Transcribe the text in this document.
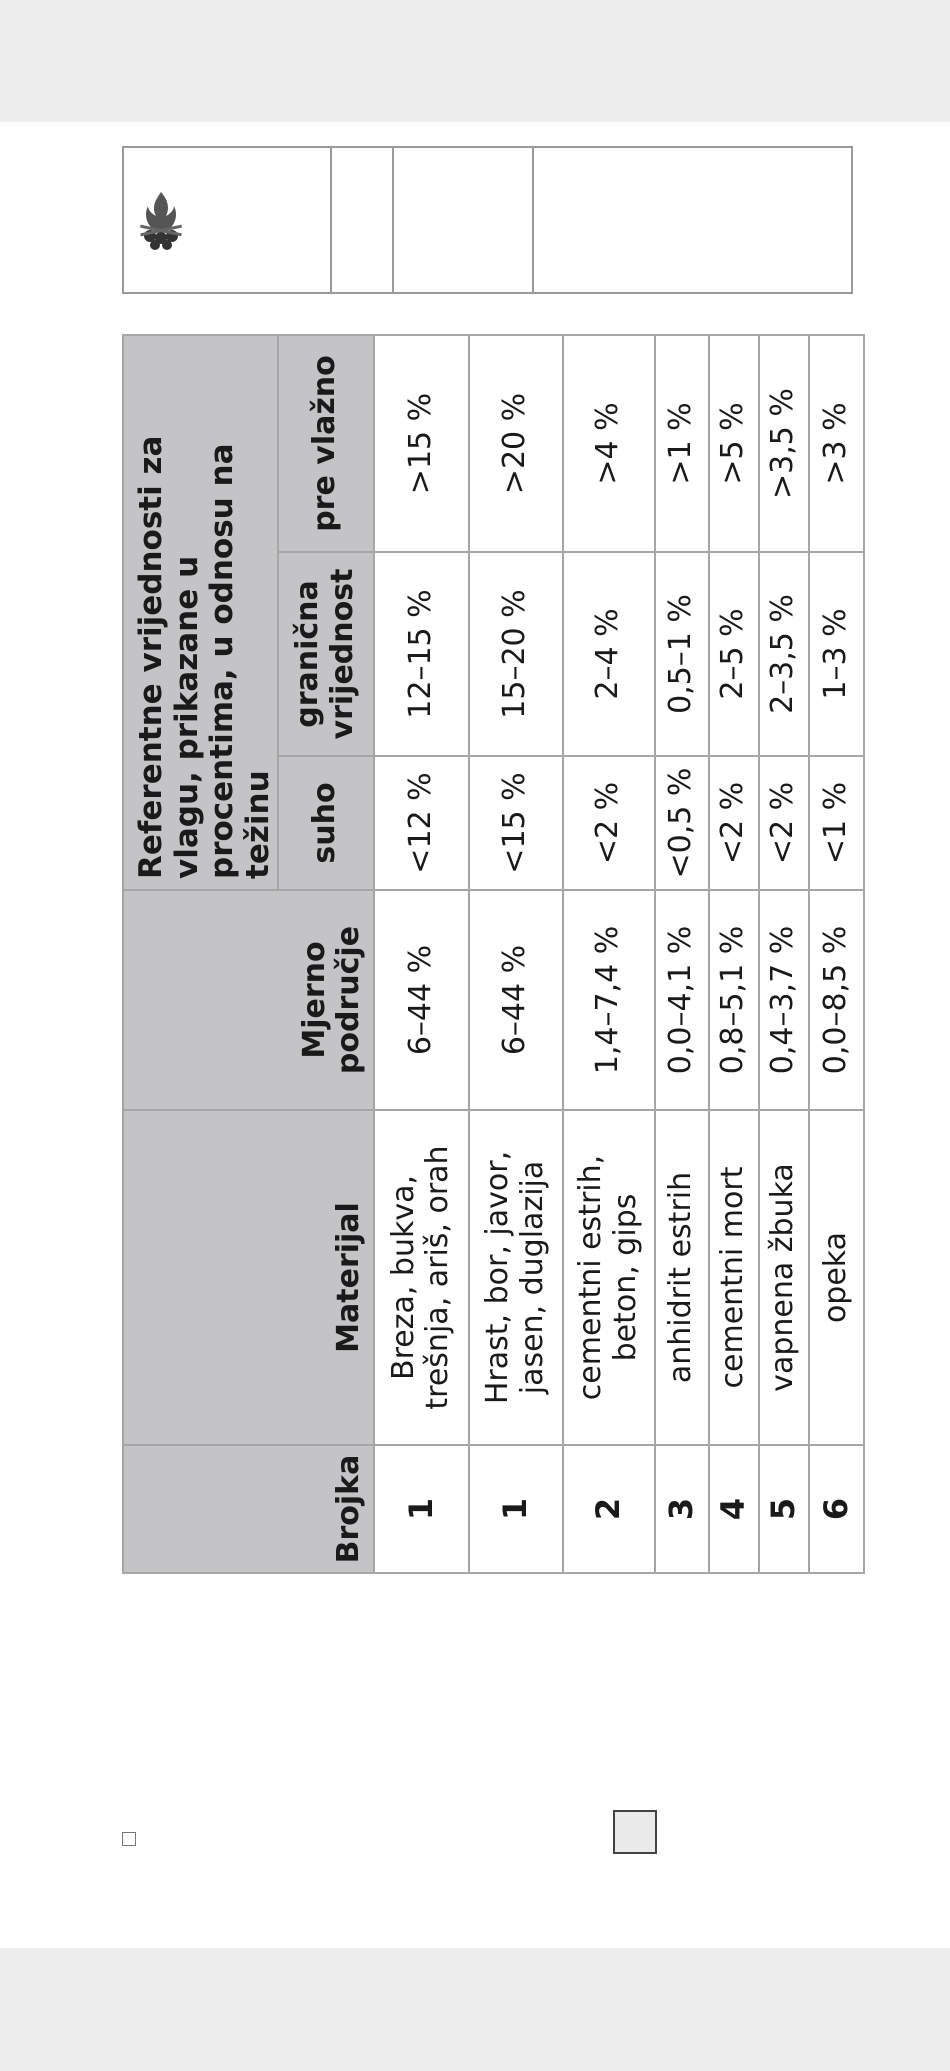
Brojka	Materijal	Mjerno područje	Referentne vrijednosti za vlagu, prikazane u procentima, u odnosu na težinu		
			suho	granična vrijednost	pre vlažno
1	Breza, bukva, trešnja, ariš, orah	6–44 %	<12 %	12–15 %	>15 %
1	Hrast, bor, javor, jasen, duglazija	6–44 %	<15 %	15–20 %	>20 %
2	cementni estrih, beton, gips	1,4–7,4 %	<2 %	2–4 %	>4 %
3	anhidrit estrih	0,0–4,1 %	<0,5 %	0,5–1 %	>1 %
4	cementni mort	0,8–5,1 %	<2 %	2–5 %	>5 %
5	vapnena žbuka	0,4–3,7 %	<2 %	2–3,5 %	>3,5 %
6	opeka	0,0–8,5 %	<1 %	1–3 %	>3 %
